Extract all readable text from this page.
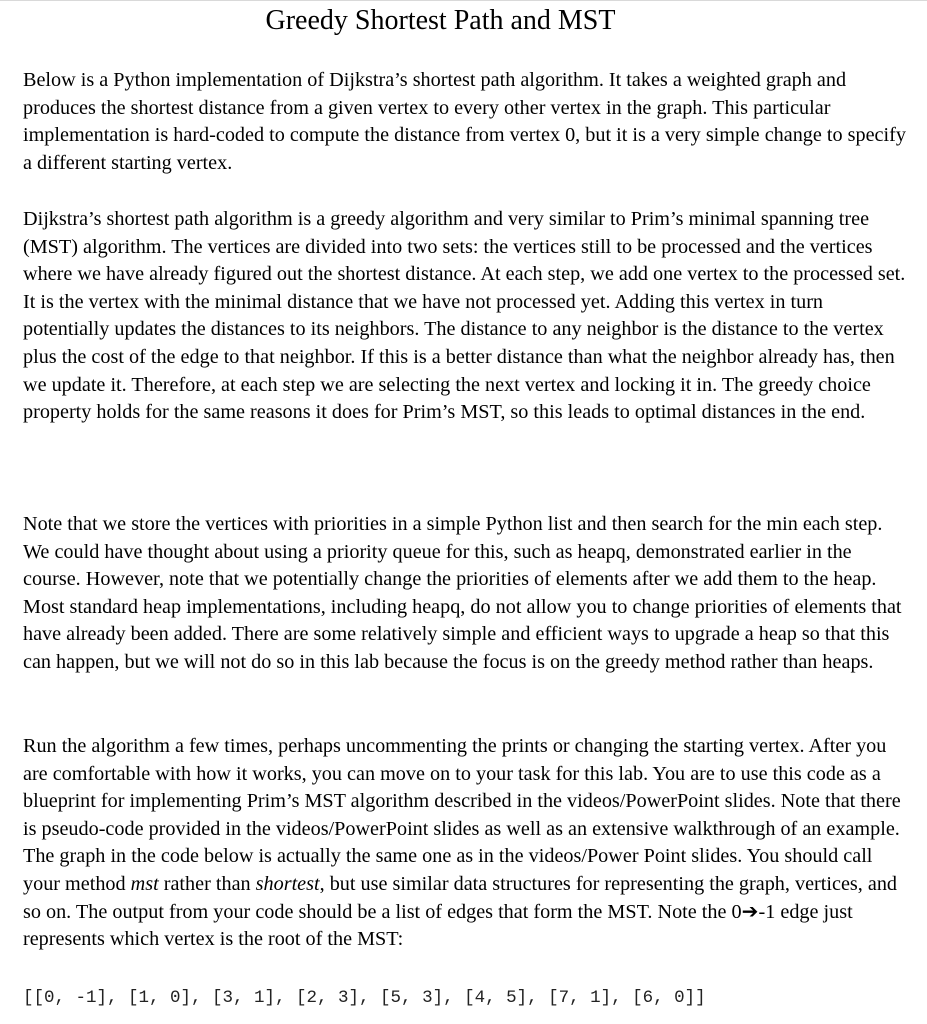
Greedy Shortest Path and MST

Below is a Python implementation of Dijkstra’s shortest path algorithm. It takes a weighted graph and produces the shortest distance from a given vertex to every other vertex in the graph. This particular implementation is hard-coded to compute the distance from vertex 0, but it is a very simple change to specify a different starting vertex.

Dijkstra’s shortest path algorithm is a greedy algorithm and very similar to Prim’s minimal spanning tree (MST) algorithm. The vertices are divided into two sets: the vertices still to be processed and the vertices where we have already figured out the shortest distance. At each step, we add one vertex to the processed set. It is the vertex with the minimal distance that we have not processed yet. Adding this vertex in turn potentially updates the distances to its neighbors. The distance to any neighbor is the distance to the vertex plus the cost of the edge to that neighbor. If this is a better distance than what the neighbor already has, then we update it. Therefore, at each step we are selecting the next vertex and locking it in. The greedy choice property holds for the same reasons it does for Prim’s MST, so this leads to optimal distances in the end.

Note that we store the vertices with priorities in a simple Python list and then search for the min each step. We could have thought about using a priority queue for this, such as heapq, demonstrated earlier in the course. However, note that we potentially change the priorities of elements after we add them to the heap. Most standard heap implementations, including heapq, do not allow you to change priorities of elements that have already been added. There are some relatively simple and efficient ways to upgrade a heap so that this can happen, but we will not do so in this lab because the focus is on the greedy method rather than heaps.

Run the algorithm a few times, perhaps uncommenting the prints or changing the starting vertex. After you are comfortable with how it works, you can move on to your task for this lab. You are to use this code as a blueprint for implementing Prim’s MST algorithm described in the videos/PowerPoint slides. Note that there is pseudo-code provided in the videos/PowerPoint slides as well as an extensive walkthrough of an example. The graph in the code below is actually the same one as in the videos/Power Point slides. You should call your method mst rather than shortest, but use similar data structures for representing the graph, vertices, and so on. The output from your code should be a list of edges that form the MST. Note the 0➔-1 edge just represents which vertex is the root of the MST:

[[0, -1], [1, 0], [3, 1], [2, 3], [5, 3], [4, 5], [7, 1], [6, 0]]
